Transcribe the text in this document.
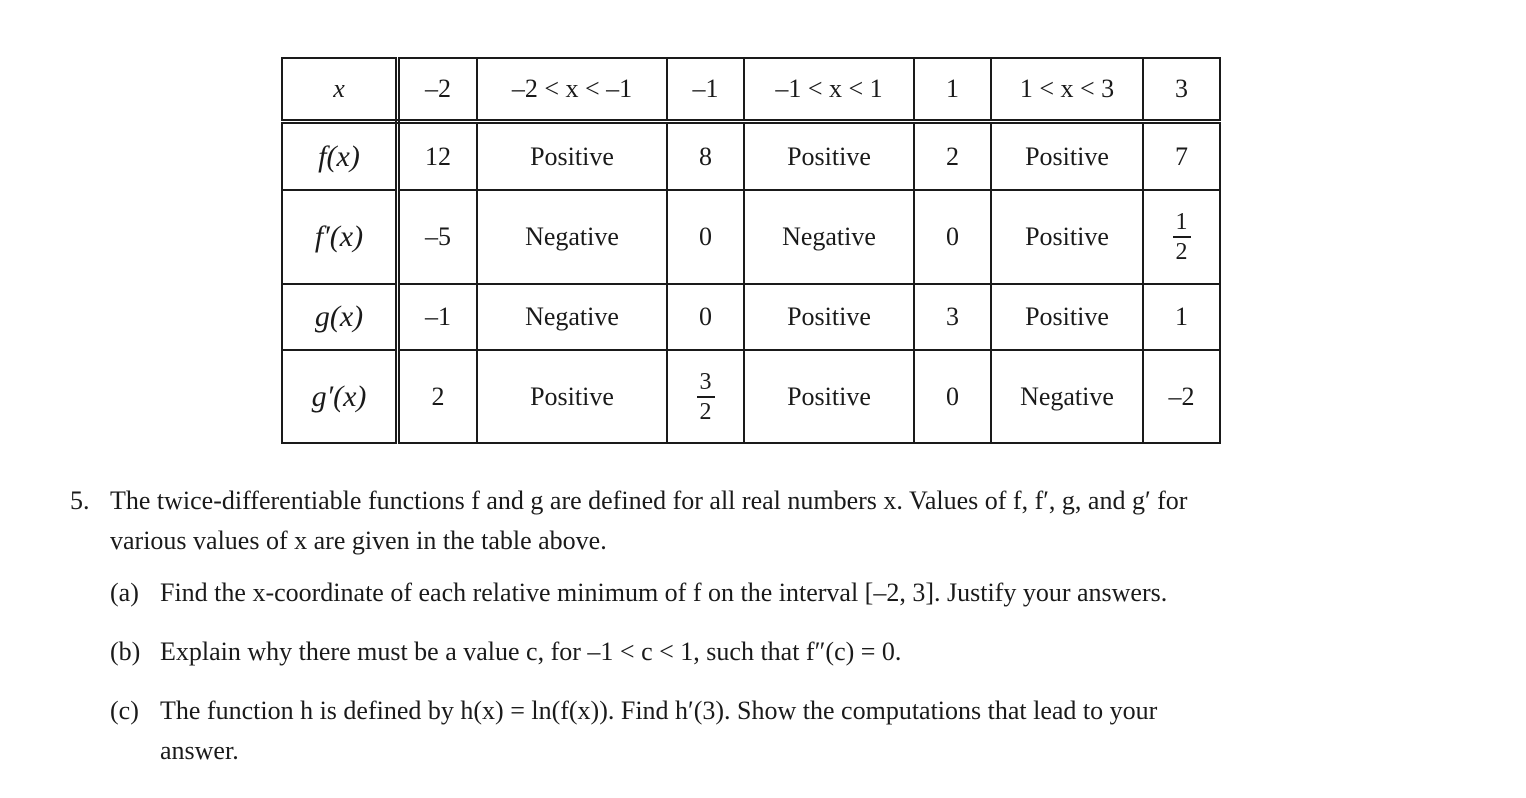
x	–2	–2 < x < –1	–1	–1 < x < 1	1	1 < x < 3	3
f(x)	12	Positive	8	Positive	2	Positive	7
f′(x)	–5	Negative	0	Negative	0	Positive	$\frac{1}{2}$

g(x)	–1	Negative	0	Positive	3	Positive	1
g′(x)	2	Positive	$\frac{3}{2}$	Positive	0	Negative	–2
5. The twice-differentiable functions f and g are defined for all real numbers x. Values of f, f′, g, and g′ for
various values of x are given in the table above.
(a) Find the x-coordinate of each relative minimum of f on the interval [–2, 3]. Justify your answers.
(b) Explain why there must be a value c, for –1 < c < 1, such that f″(c) = 0.
(c) The function h is defined by h(x) = ln(f(x)). Find h′(3). Show the computations that lead to your
answer.
